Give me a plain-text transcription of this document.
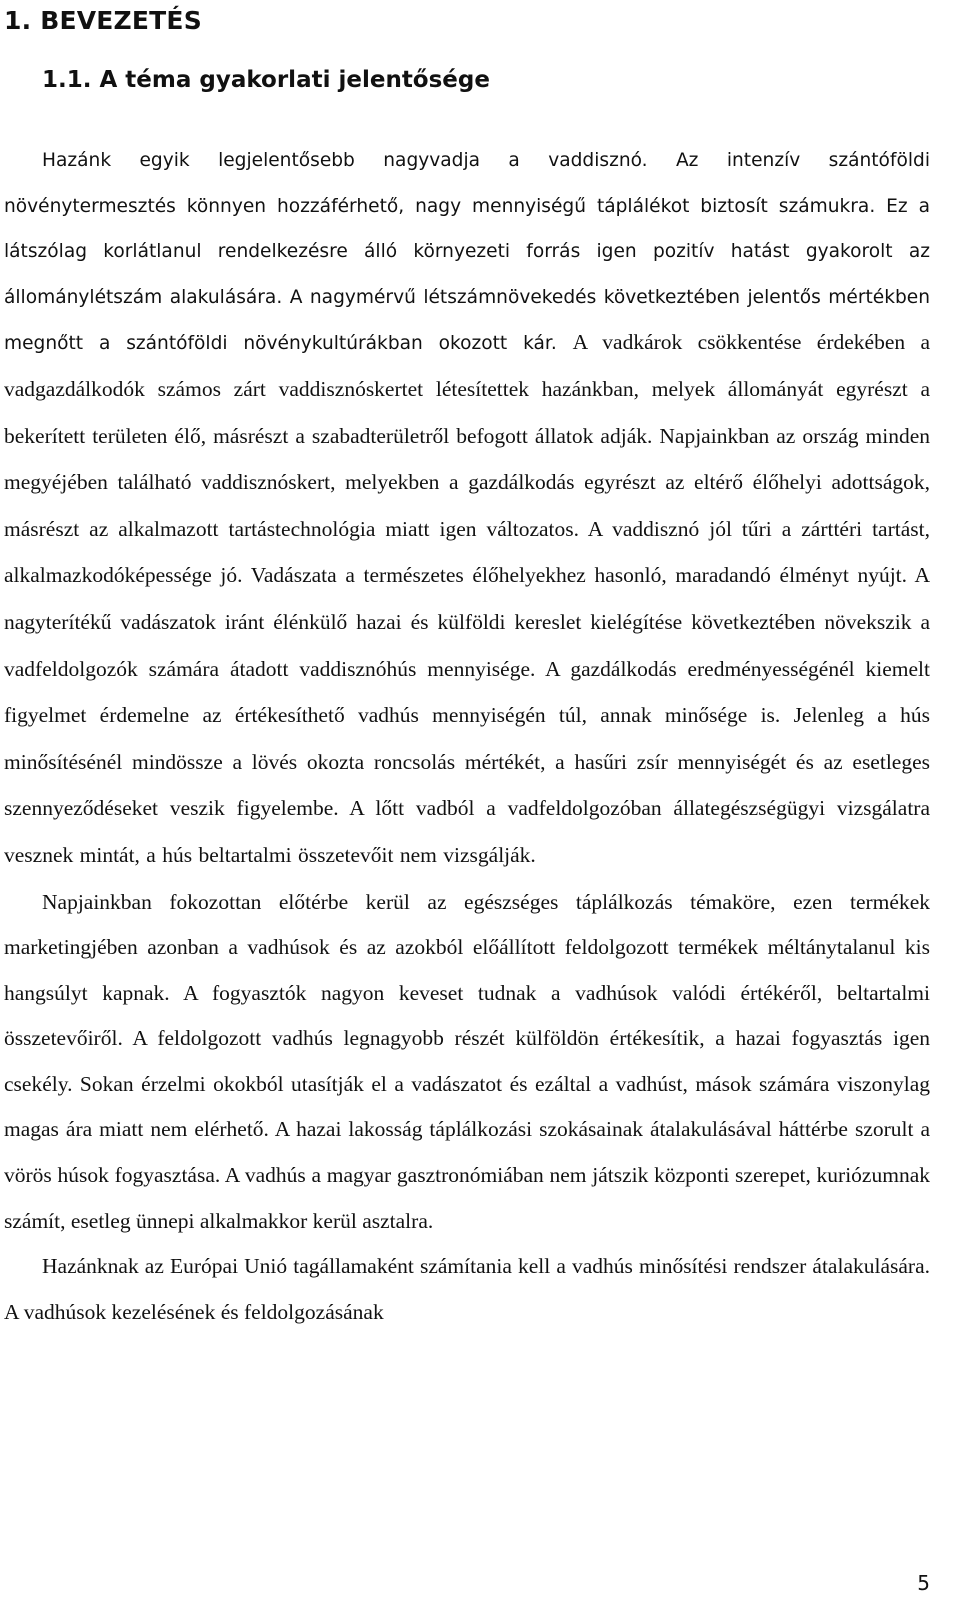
1. BEVEZETÉS
1.1. A téma gyakorlati jelentősége

Hazánk egyik legjelentősebb nagyvadja a vaddisznó. Az intenzív szántóföldi növénytermesztés könnyen hozzáférhető, nagy mennyiségű táplálékot biztosít számukra. Ez a látszólag korlátlanul rendelkezésre álló környezeti forrás igen pozitív hatást gyakorolt az állománylétszám alakulására. A nagymérvű létszámnövekedés következtében jelentős mértékben megnőtt a szántóföldi növénykultúrákban okozott kár. A vadkárok csökkentése érdekében a vadgazdálkodók számos zárt vaddisznóskertet létesítettek hazánkban, melyek állományát egyrészt a bekerített területen élő, másrészt a szabadterületről befogott állatok adják. Napjainkban az ország minden megyéjében található vaddisznóskert, melyekben a gazdálkodás egyrészt az eltérő élőhelyi adottságok, másrészt az alkalmazott tartástechnológia miatt igen változatos. A vaddisznó jól tűri a zárttéri tartást, alkalmazkodóképessége jó. Vadászata a természetes élőhelyekhez hasonló, maradandó élményt nyújt. A nagyterítékű vadászatok iránt élénkülő hazai és külföldi kereslet kielégítése következtében növekszik a vadfeldolgozók számára átadott vaddisznóhús mennyisége. A gazdálkodás eredményességénél kiemelt figyelmet érdemelne az értékesíthető vadhús mennyiségén túl, annak minősége is. Jelenleg a hús minősítésénél mindössze a lövés okozta roncsolás mértékét, a hasűri zsír mennyiségét és az esetleges szennyeződéseket veszik figyelembe. A lőtt vadból a vadfeldolgozóban állategészségügyi vizsgálatra vesznek mintát, a hús beltartalmi összetevőit nem vizsgálják.

Napjainkban fokozottan előtérbe kerül az egészséges táplálkozás témaköre, ezen termékek marketingjében azonban a vadhúsok és az azokból előállított feldolgozott termékek méltánytalanul kis hangsúlyt kapnak. A fogyasztók nagyon keveset tudnak a vadhúsok valódi értékéről, beltartalmi összetevőiről. A feldolgozott vadhús legnagyobb részét külföldön értékesítik, a hazai fogyasztás igen csekély. Sokan érzelmi okokból utasítják el a vadászatot és ezáltal a vadhúst, mások számára viszonylag magas ára miatt nem elérhető. A hazai lakosság táplálkozási szokásainak átalakulásával háttérbe szorult a vörös húsok fogyasztása. A vadhús a magyar gasztronómiában nem játszik központi szerepet, kuriózumnak számít, esetleg ünnepi alkalmakkor kerül asztalra.

Hazánknak az Európai Unió tagállamaként számítania kell a vadhús minősítési rendszer átalakulására. A vadhúsok kezelésének és feldolgozásának

5
